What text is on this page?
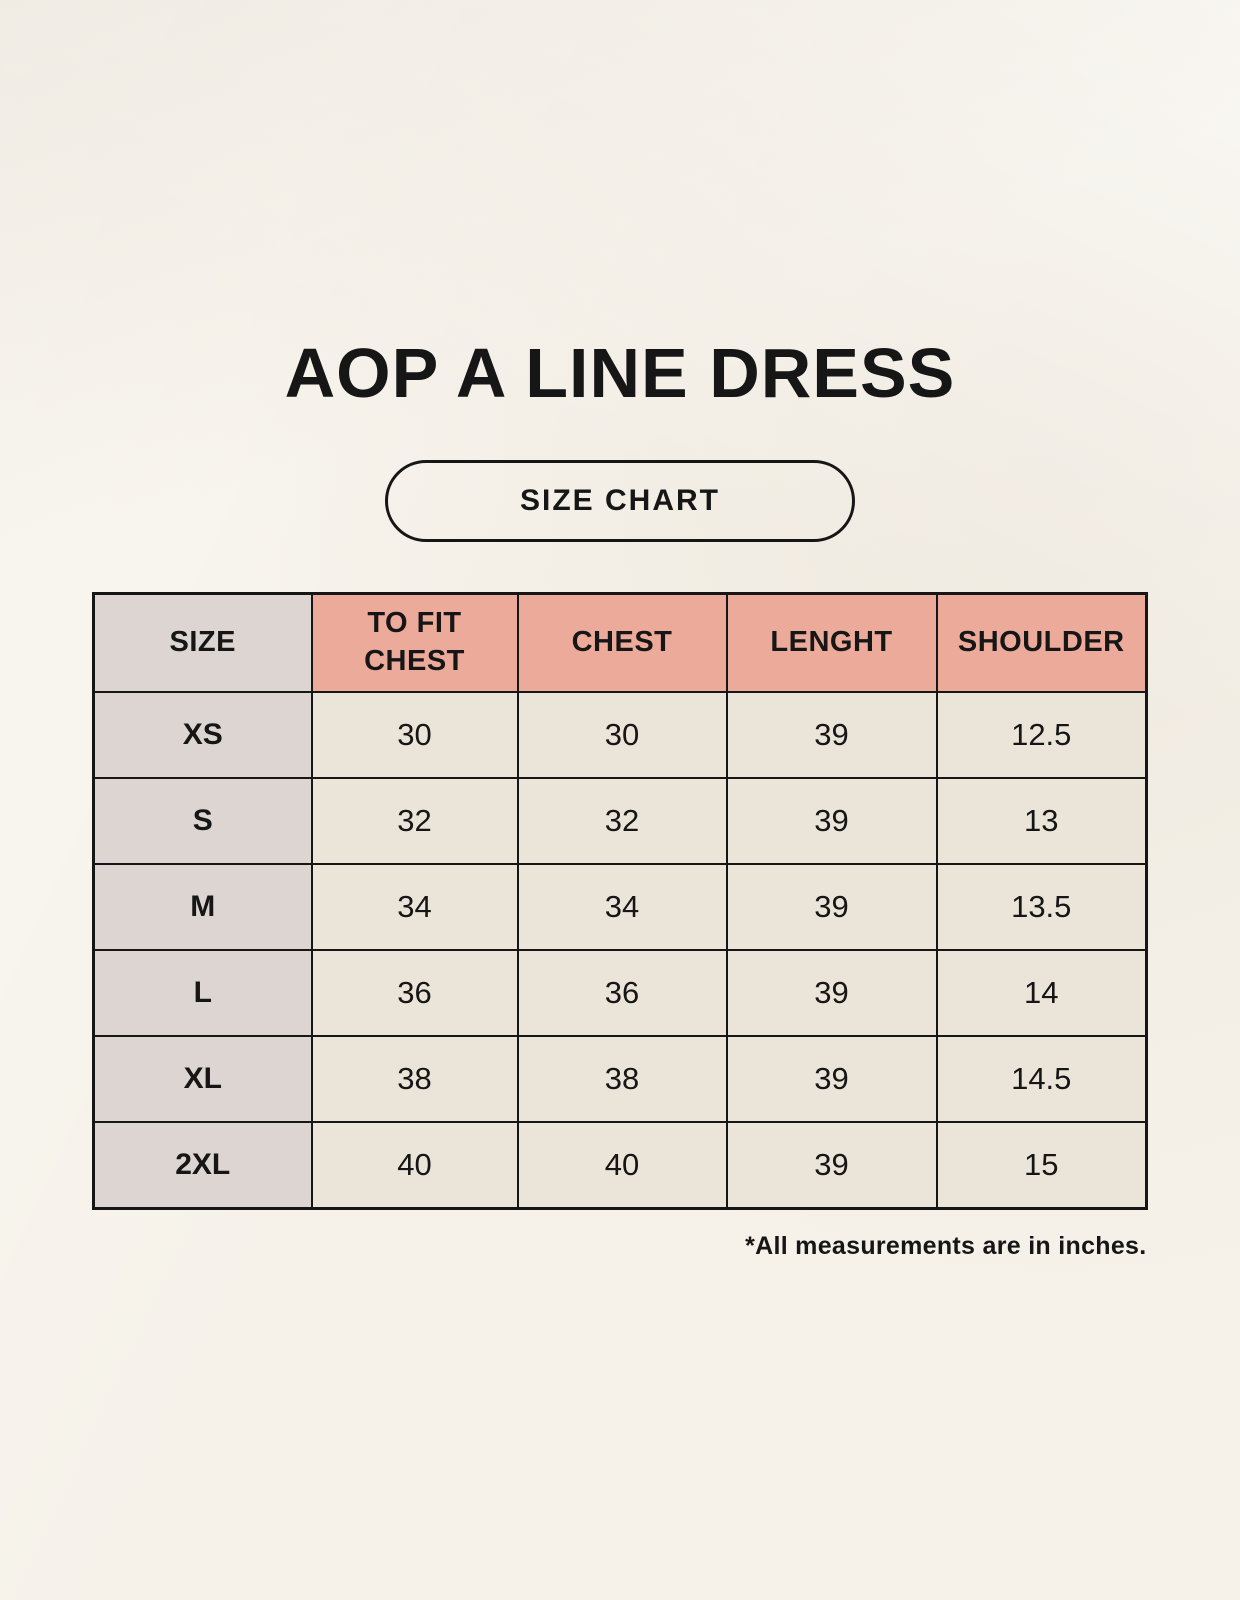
AOP A LINE DRESS
SIZE CHART
SIZE	TO FIT CHEST	CHEST	LENGHT	SHOULDER
XS	30	30	39	12.5
S	32	32	39	13
M	34	34	39	13.5
L	36	36	39	14
XL	38	38	39	14.5
2XL	40	40	39	15

*All measurements are in inches.
